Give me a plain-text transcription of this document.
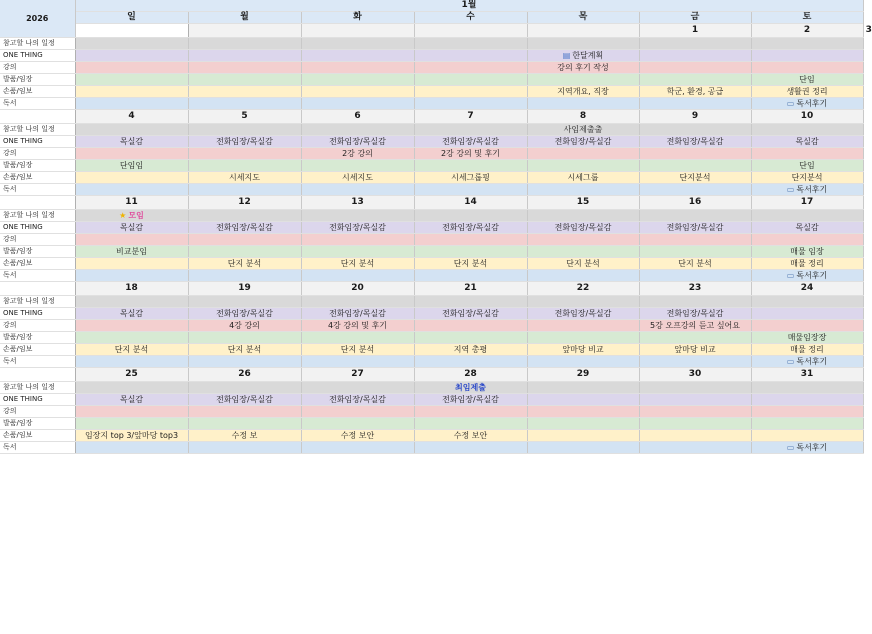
2026	1월							
	일	월	화	수	목	금	토	
						1	2	3
참고할 나의 일정								
ONE THING					▤ 한달계획			
강의					강의 후기 작성			
발품/임장							단임	
손품/임보					지역개요, 직장	학군, 환경, 공급	생활권 정리	
독서							▭ 독서후기	
	4	5	6	7	8	9	10	
참고할 나의 일정					사임제출출			
ONE THING	목실감	전화임장/목실감	전화임장/목실감	전화임장/목실감	전화임장/목실감	전화임장/목실감	목실감	
강의			2강 강의	2강 강의 및 후기				
발품/임장	단임임						단임	
손품/임보		시세지도	시세지도	시세그룹핑	시세그룹	단지분석	단지분석	
독서							▭ 독서후기	
	11	12	13	14	15	16	17	
참고할 나의 일정	★ 모임							
ONE THING	목실감	전화임장/목실감	전화임장/목실감	전화임장/목실감	전화임장/목실감	전화임장/목실감	목실감	
강의								
발품/임장	비교분임						매물 임장	
손품/임보		단지 분석	단지 분석	단지 분석	단지 분석	단지 분석	매물 정리	
독서							▭ 독서후기	
	18	19	20	21	22	23	24	
참고할 나의 일정								
ONE THING	목실감	전화임장/목실감	전화임장/목실감	전화임장/목실감	전화임장/목실감	전화임장/목실감		
강의		4강 강의	4강 강의 및 후기			5강 오프강의 듣고 싶어요		
발품/임장							매물임장장	
손품/임보	단지 분석	단지 분석	단지 분석	지역 총평	앞마당 비교	앞마당 비교	매물 정리	
독서							▭ 독서후기	
	25	26	27	28	29	30	31	
참고할 나의 일정				최임제출				
ONE THING	목실감	전화임장/목실감	전화임장/목실감	전화임장/목실감				
강의								
발품/임장								
손품/임보	임장지 top 3/앞마당 top3	수정 보	수정 보안	수정 보안				
독서							▭ 독서후기	
